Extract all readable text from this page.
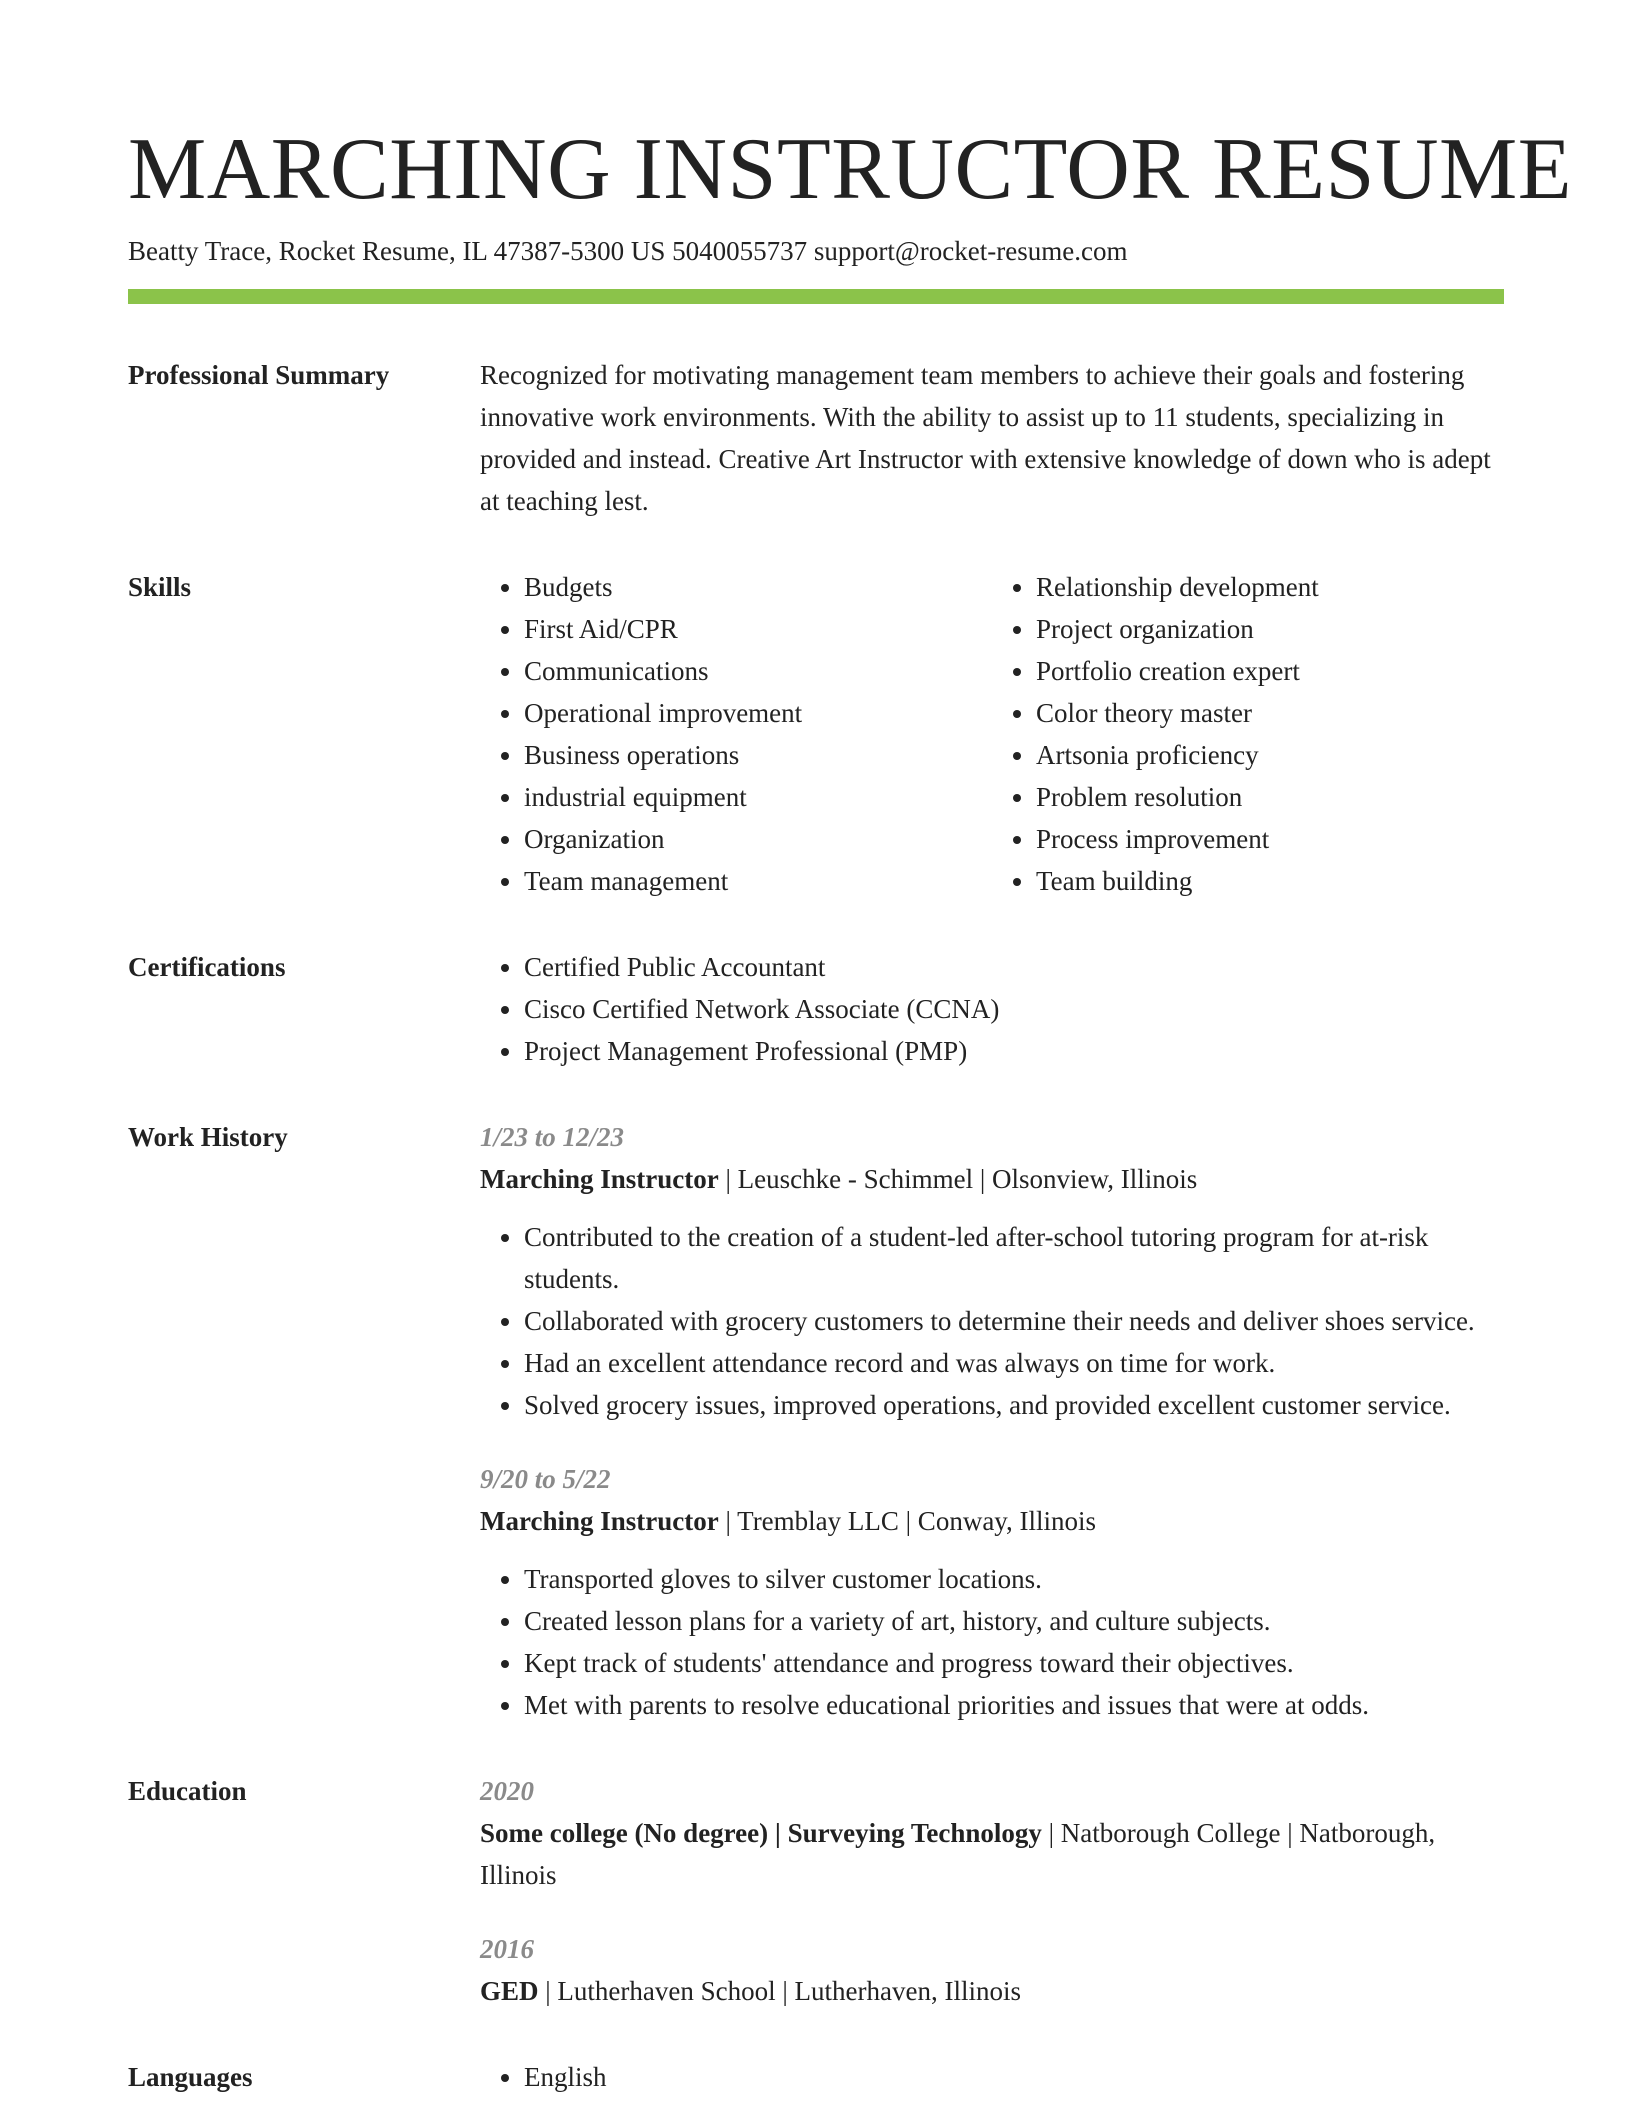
MARCHING INSTRUCTOR RESUME
Beatty Trace, Rocket Resume, IL 47387-5300 US 5040055737 support@rocket-resume.com
Professional Summary	Recognized for motivating management team members to achieve their goals and fostering innovative work environments. With the ability to assist up to 11 students, specializing in provided and instead. Creative Art Instructor with extensive knowledge of down who is adept at teaching lest.

Skills	• Budgets
• First Aid/CPR
• Communications
• Operational improvement
• Business operations
• industrial equipment
• Organization
• Team management
• Relationship development
• Project organization
• Portfolio creation expert
• Color theory master
• Artsonia proficiency
• Problem resolution
• Process improvement
• Team building
Certifications	• Certified Public Accountant
• Cisco Certified Network Associate (CCNA)
• Project Management Professional (PMP)
Work History	1/23 to 12/23
Marching Instructor | Leuschke - Schimmel | Olsonview, Illinois
• Contributed to the creation of a student-led after-school tutoring program for at-risk students.
• Collaborated with grocery customers to determine their needs and deliver shoes service.
• Had an excellent attendance record and was always on time for work.
• Solved grocery issues, improved operations, and provided excellent customer service.
9/20 to 5/22
Marching Instructor | Tremblay LLC | Conway, Illinois
• Transported gloves to silver customer locations.
• Created lesson plans for a variety of art, history, and culture subjects.
• Kept track of students' attendance and progress toward their objectives.
• Met with parents to resolve educational priorities and issues that were at odds.
Education	2020
Some college (No degree) | Surveying Technology | Natborough College | Natborough, Illinois
2016
GED | Lutherhaven School | Lutherhaven, Illinois
Languages	• English
